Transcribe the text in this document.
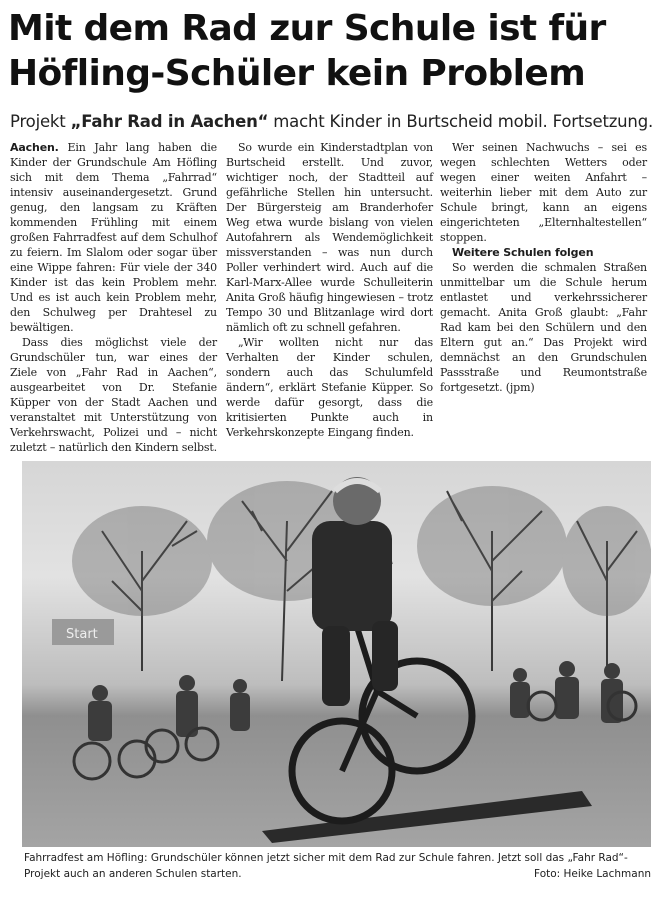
Mit dem Rad zur Schule ist für
Höfling-Schüler kein Problem
Projekt „Fahr Rad in Aachen“ macht Kinder in Burtscheid mobil. Fortsetzung.

Aachen. Ein Jahr lang haben die Kinder der Grundschule Am Höfling sich mit dem Thema „Fahrrad“ intensiv auseinandergesetzt. Grund genug, den langsam zu Kräften kommenden Frühling mit einem großen Fahrradfest auf dem Schulhof zu feiern. Im Slalom oder sogar über eine Wippe fahren: Für viele der 340 Kinder ist das kein Problem mehr. Und es ist auch kein Problem mehr, den Schulweg per Drahtesel zu bewältigen.

Dass dies möglichst viele der Grundschüler tun, war eines der Ziele von „Fahr Rad in Aachen“, ausgearbeitet von Dr. Stefanie Küpper von der Stadt Aachen und veranstaltet mit Unterstützung von Verkehrswacht, Polizei und – nicht zuletzt – natürlich den Kindern selbst.

So wurde ein Kinderstadtplan von Burtscheid erstellt. Und zuvor, wichtiger noch, der Stadtteil auf gefährliche Stellen hin untersucht. Der Bürgersteig am Branderhofer Weg etwa wurde bislang von vielen Autofahrern als Wendemöglichkeit missverstanden – was nun durch Poller verhindert wird. Auch auf die Karl-Marx-Allee wurde Schulleiterin Anita Groß häufig hingewiesen – trotz Tempo 30 und Blitzanlage wird dort nämlich oft zu schnell gefahren.

„Wir wollten nicht nur das Verhalten der Kinder schulen, sondern auch das Schulumfeld ändern“, erklärt Stefanie Küpper. So werde dafür gesorgt, dass die kritisierten Punkte auch in Verkehrskonzepte Eingang finden.

Wer seinen Nachwuchs – sei es wegen schlechten Wetters oder wegen einer weiten Anfahrt – weiterhin lieber mit dem Auto zur Schule bringt, kann an eigens eingerichteten „Elternhaltestellen“ stoppen.

Weitere Schulen folgen

So werden die schmalen Straßen unmittelbar um die Schule herum entlastet und verkehrssicherer gemacht. Anita Groß glaubt: „Fahr Rad kam bei den Schülern und den Eltern gut an.“ Das Projekt wird demnächst an den Grundschulen Passstraße und Reumontstraße fortgesetzt. (jpm)

Start
Fahrradfest am Höfling: Grundschüler können jetzt sicher mit dem Rad zur Schule fahren. Jetzt soll das „Fahr Rad“-Projekt auch an anderen Schulen starten.	Foto: Heike Lachmann
